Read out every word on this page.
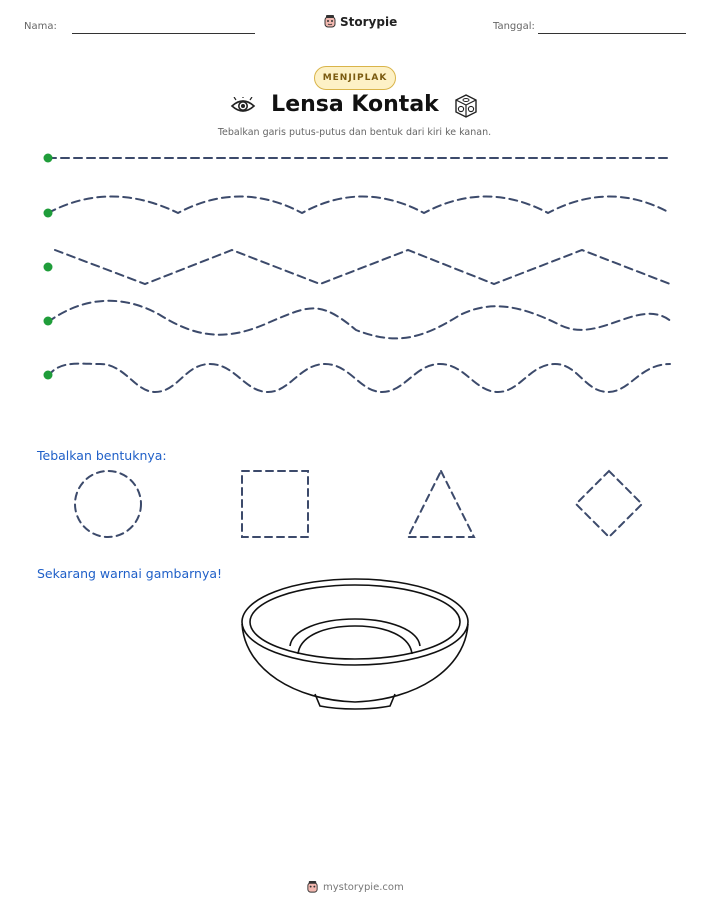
Nama:	Storypie	Tanggal:
MENJIPLAK
Lensa Kontak
Tebalkan garis putus-putus dan bentuk dari kiri ke kanan.
Tebalkan bentuknya:
Sekarang warnai gambarnya!
mystorypie.com
